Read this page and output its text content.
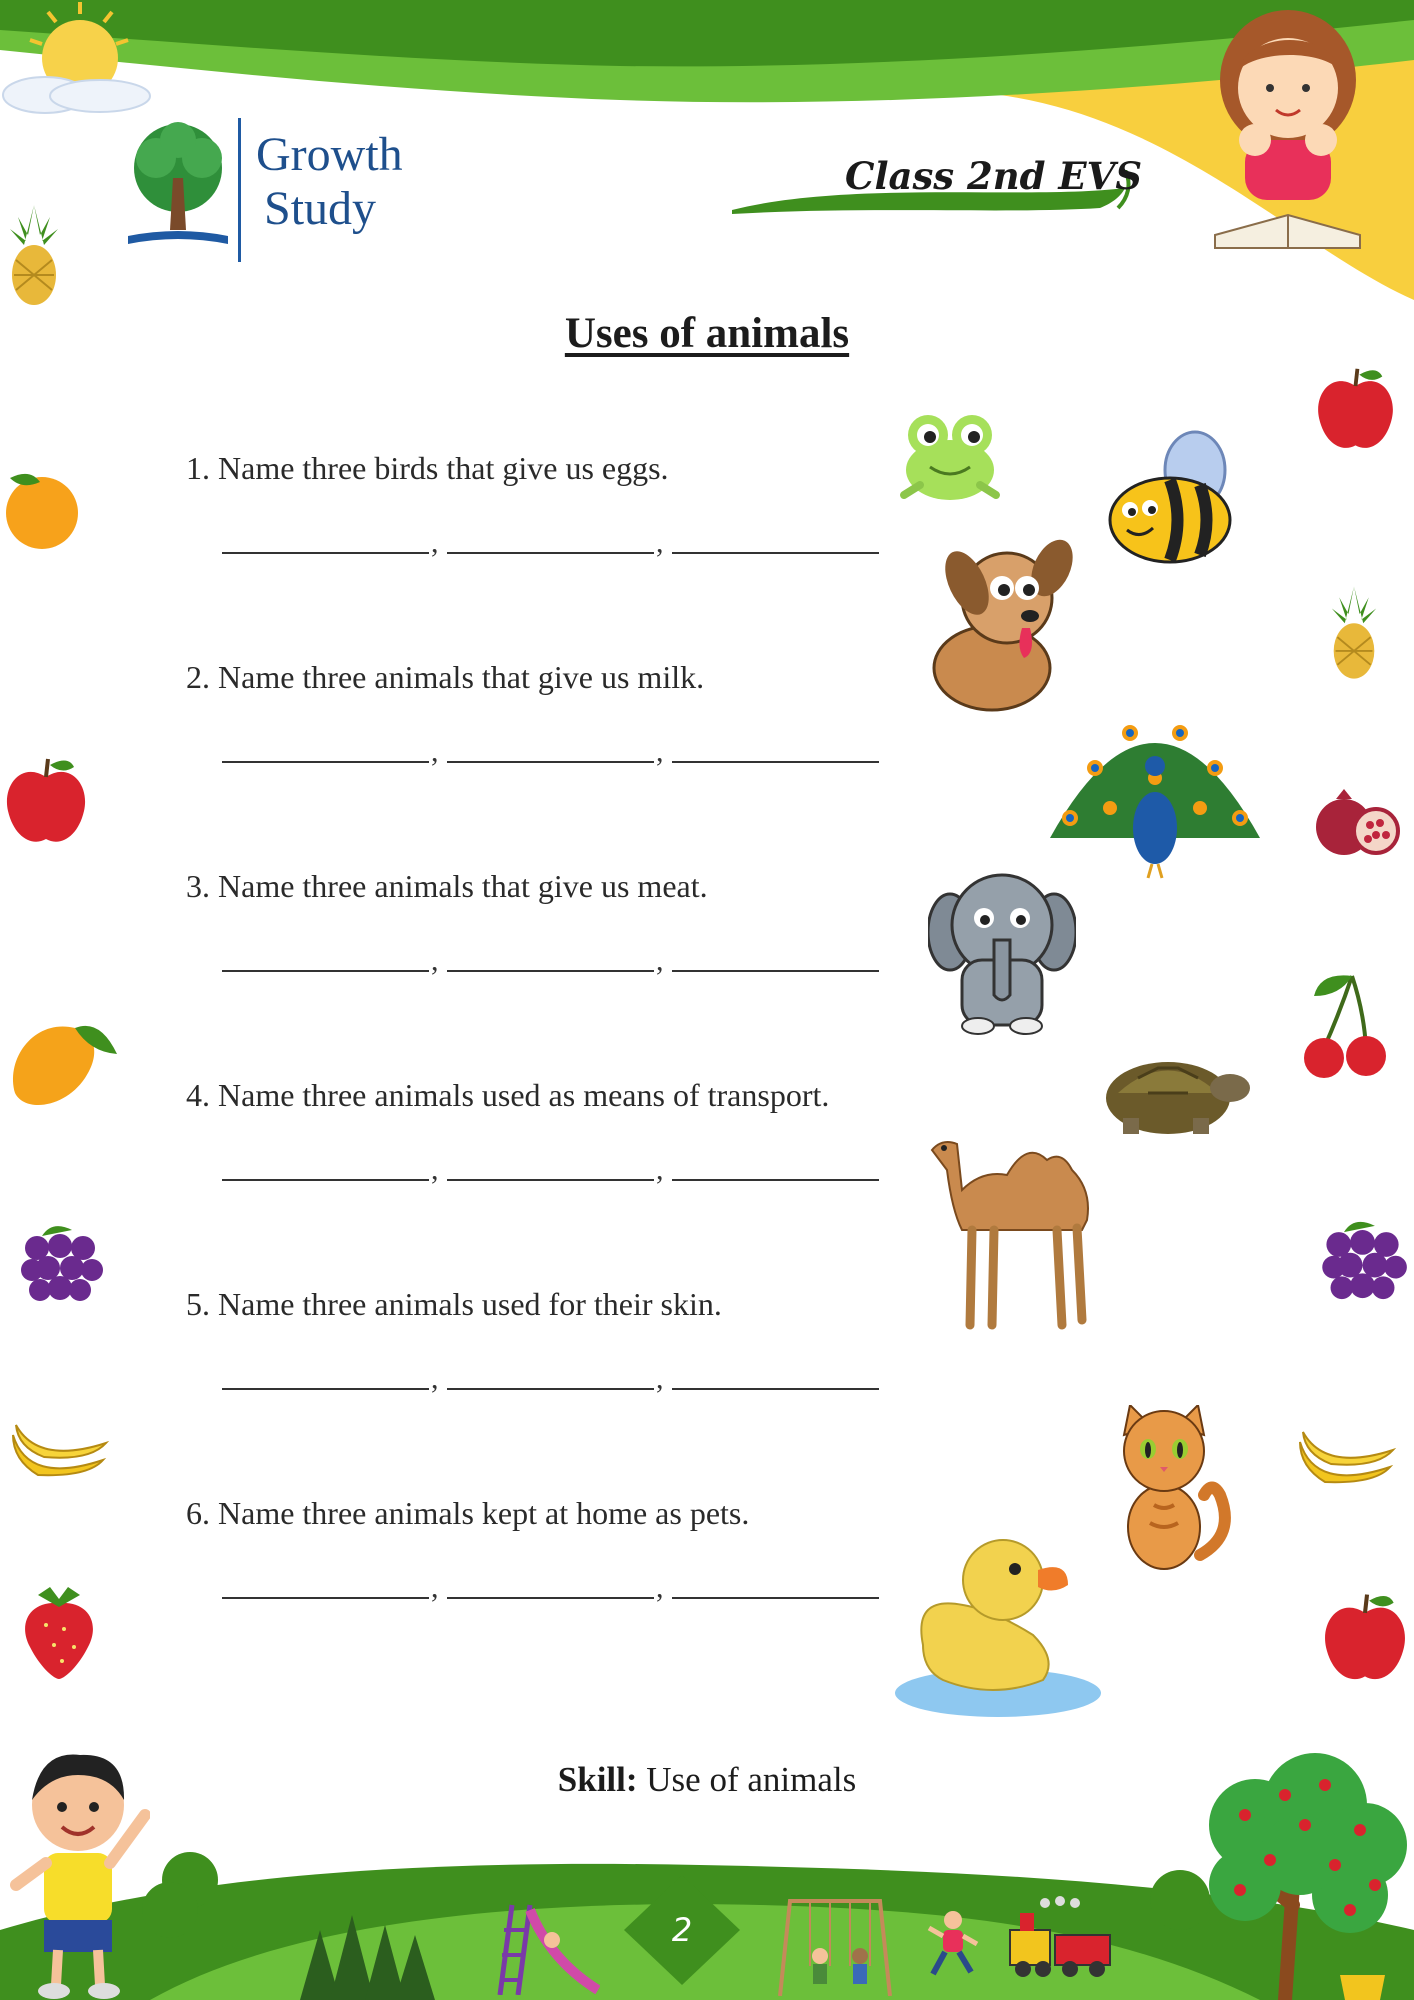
Growth
Study
Class 2nd EVS
Uses of animals
1. Name three birds that give us eggs.
,	,
2. Name three animals that give us milk.
,	,
3. Name three animals that give us meat.
,	,
4. Name three animals used as means of transport.
,	,
5. Name three animals used for their skin.
,	,
6. Name three animals kept at home as pets.
,	,
Skill: Use of animals
2
